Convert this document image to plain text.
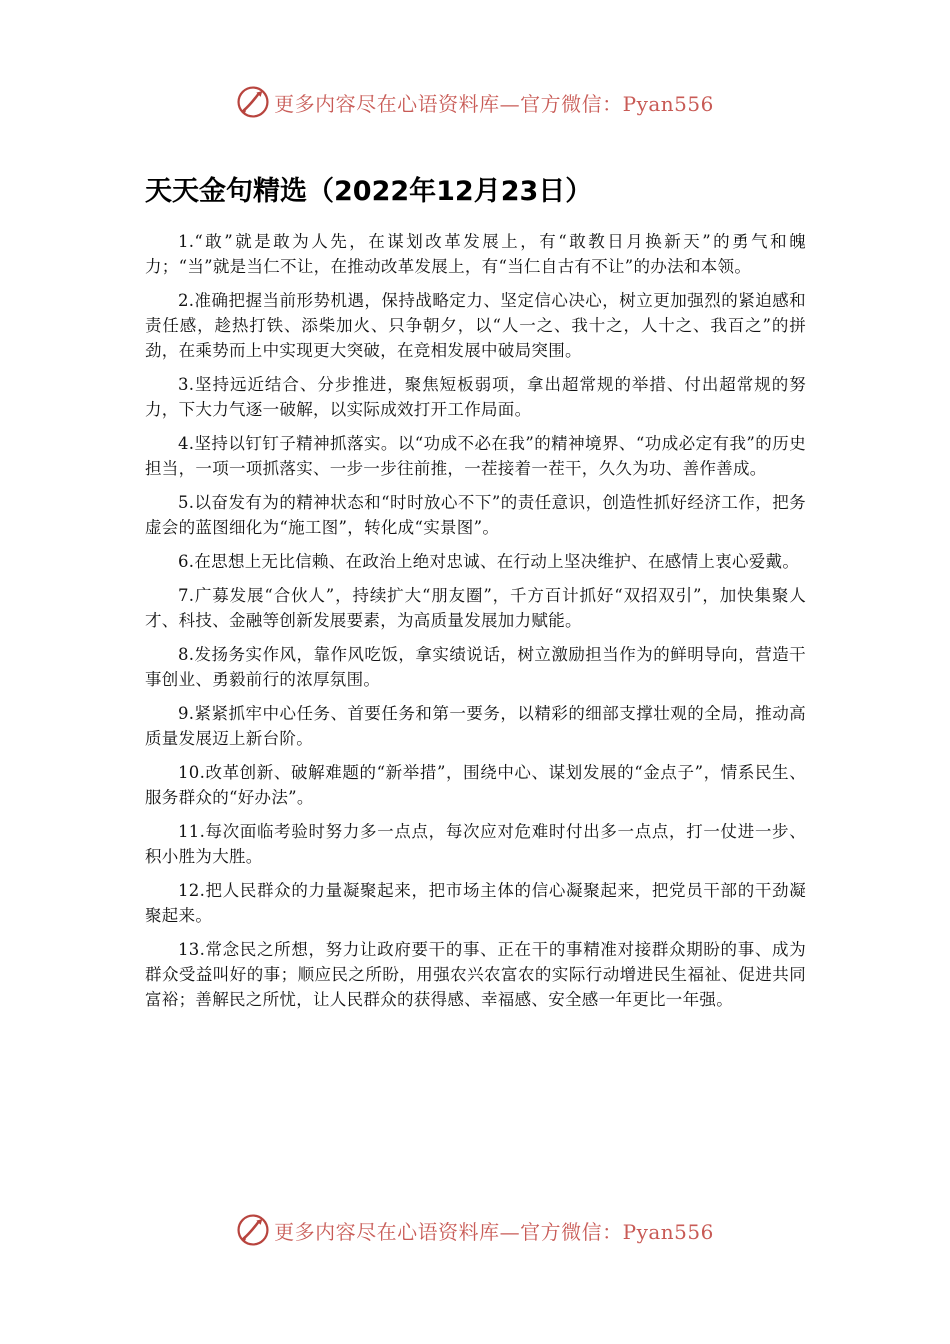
更多内容尽在心语资料库—官方微信：Pyan556
天天金句精选（2022年12月23日）

1.“敢”就是敢为人先，在谋划改革发展上，有“敢教日月换新天”的勇气和魄力；“当”就是当仁不让，在推动改革发展上，有“当仁自古有不让”的办法和本领。

2.准确把握当前形势机遇，保持战略定力、坚定信心决心，树立更加强烈的紧迫感和责任感，趁热打铁、添柴加火、只争朝夕，以“人一之、我十之，人十之、我百之”的拼劲，在乘势而上中实现更大突破，在竞相发展中破局突围。

3.坚持远近结合、分步推进，聚焦短板弱项，拿出超常规的举措、付出超常规的努力，下大力气逐一破解，以实际成效打开工作局面。

4.坚持以钉钉子精神抓落实。以“功成不必在我”的精神境界、“功成必定有我”的历史担当，一项一项抓落实、一步一步往前推，一茬接着一茬干，久久为功、善作善成。

5.以奋发有为的精神状态和“时时放心不下”的责任意识，创造性抓好经济工作，把务虚会的蓝图细化为“施工图”，转化成“实景图”。

6.在思想上无比信赖、在政治上绝对忠诚、在行动上坚决维护、在感情上衷心爱戴。

7.广募发展“合伙人”，持续扩大“朋友圈”，千方百计抓好“双招双引”，加快集聚人才、科技、金融等创新发展要素，为高质量发展加力赋能。

8.发扬务实作风，靠作风吃饭，拿实绩说话，树立激励担当作为的鲜明导向，营造干事创业、勇毅前行的浓厚氛围。

9.紧紧抓牢中心任务、首要任务和第一要务，以精彩的细部支撑壮观的全局，推动高质量发展迈上新台阶。

10.改革创新、破解难题的“新举措”，围绕中心、谋划发展的“金点子”，情系民生、服务群众的“好办法”。

11.每次面临考验时努力多一点点，每次应对危难时付出多一点点，打一仗进一步、积小胜为大胜。

12.把人民群众的力量凝聚起来，把市场主体的信心凝聚起来，把党员干部的干劲凝聚起来。

13.常念民之所想，努力让政府要干的事、正在干的事精准对接群众期盼的事、成为群众受益叫好的事；顺应民之所盼，用强农兴农富农的实际行动增进民生福祉、促进共同富裕；善解民之所忧，让人民群众的获得感、幸福感、安全感一年更比一年强。

更多内容尽在心语资料库—官方微信：Pyan556
